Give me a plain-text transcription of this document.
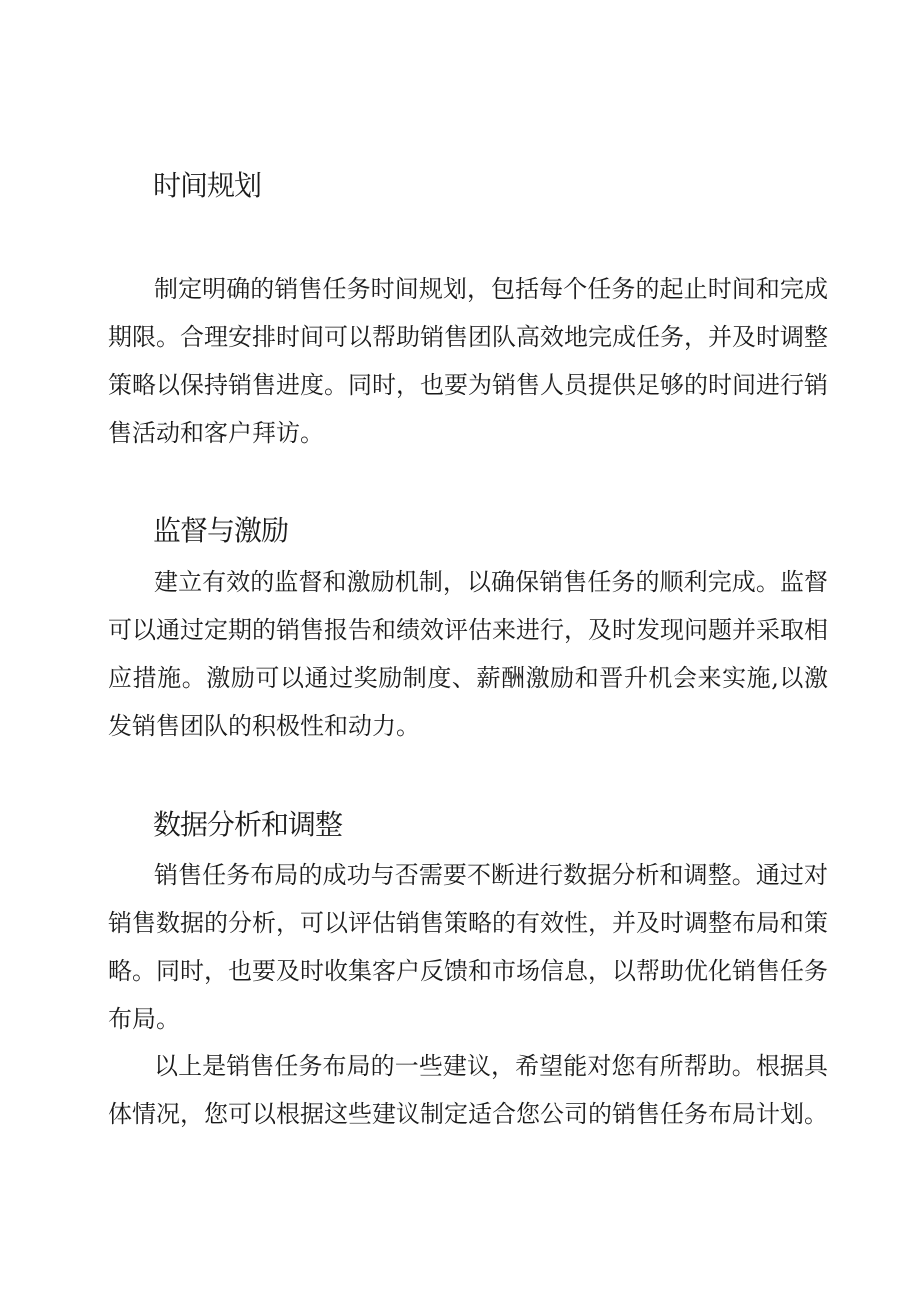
时间规划

制定明确的销售任务时间规划，包括每个任务的起止时间和完成期限。合理安排时间可以帮助销售团队高效地完成任务，并及时调整策略以保持销售进度。同时，也要为销售人员提供足够的时间进行销售活动和客户拜访。

监督与激励

建立有效的监督和激励机制，以确保销售任务的顺利完成。监督可以通过定期的销售报告和绩效评估来进行，及时发现问题并采取相应措施。激励可以通过奖励制度、薪酬激励和晋升机会来实施,以激发销售团队的积极性和动力。

数据分析和调整

销售任务布局的成功与否需要不断进行数据分析和调整。通过对销售数据的分析，可以评估销售策略的有效性，并及时调整布局和策略。同时，也要及时收集客户反馈和市场信息，以帮助优化销售任务布局。

以上是销售任务布局的一些建议，希望能对您有所帮助。根据具体情况，您可以根据这些建议制定适合您公司的销售任务布局计划。
